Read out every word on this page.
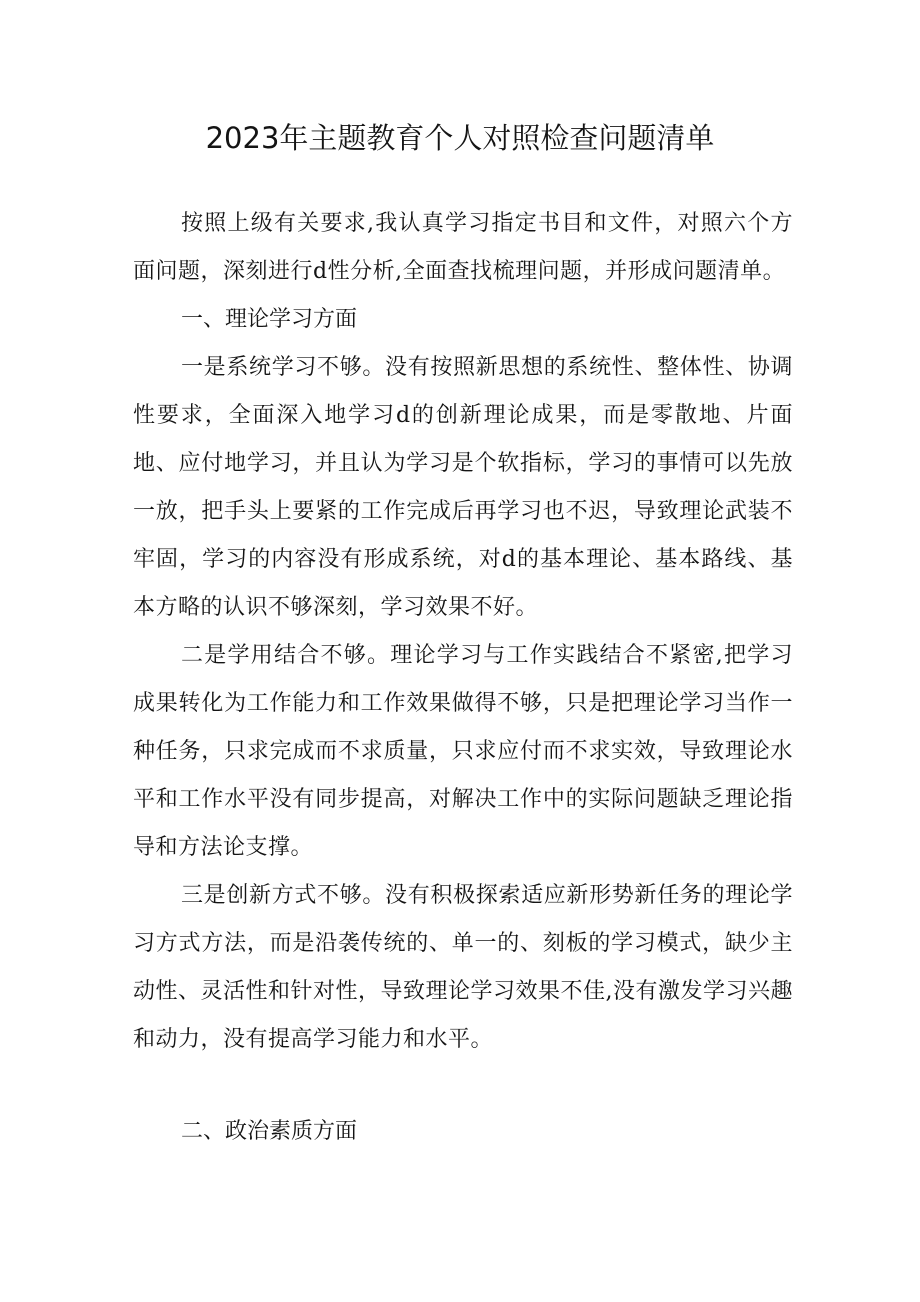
2023年主题教育个人对照检查问题清单

按照上级有关要求,我认真学习指定书目和文件，对照六个方面问题，深刻进行d性分析,全面查找梳理问题，并形成问题清单。

一、理论学习方面

一是系统学习不够。没有按照新思想的系统性、整体性、协调性要求，全面深入地学习d的创新理论成果，而是零散地、片面地、应付地学习，并且认为学习是个软指标，学习的事情可以先放一放，把手头上要紧的工作完成后再学习也不迟，导致理论武装不牢固，学习的内容没有形成系统，对d的基本理论、基本路线、基本方略的认识不够深刻，学习效果不好。

二是学用结合不够。理论学习与工作实践结合不紧密,把学习成果转化为工作能力和工作效果做得不够，只是把理论学习当作一种任务，只求完成而不求质量，只求应付而不求实效，导致理论水平和工作水平没有同步提高，对解决工作中的实际问题缺乏理论指导和方法论支撑。

三是创新方式不够。没有积极探索适应新形势新任务的理论学习方式方法，而是沿袭传统的、单一的、刻板的学习模式，缺少主动性、灵活性和针对性，导致理论学习效果不佳,没有激发学习兴趣和动力，没有提高学习能力和水平。

二、政治素质方面
